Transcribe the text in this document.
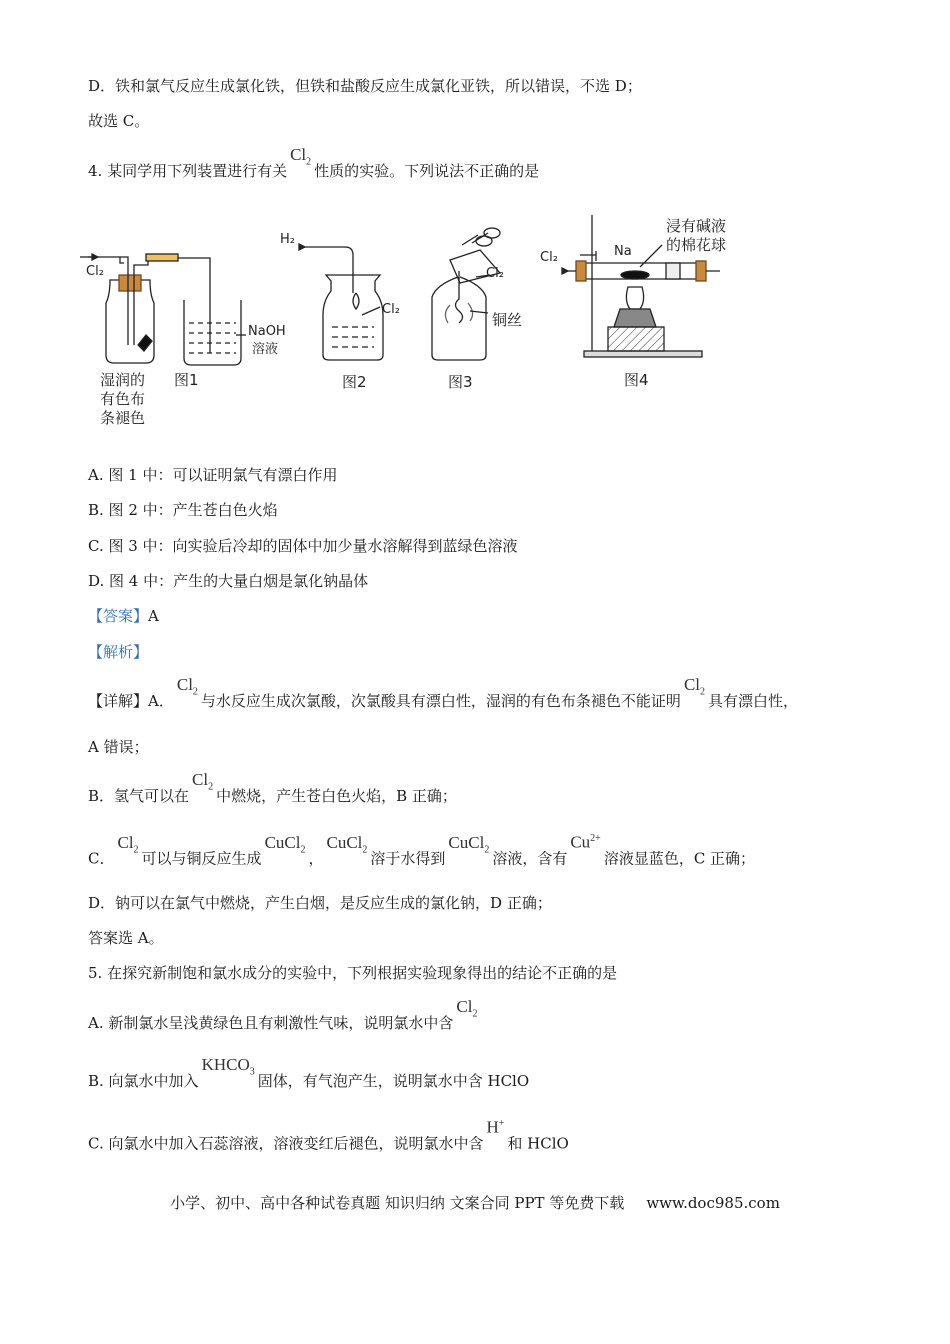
D．铁和氯气反应生成氯化铁，但铁和盐酸反应生成氯化亚铁，所以错误，不选 D；
故选 C。
4. 某同学用下列装置进行有关$Cl_2$性质的实验。下列说法不正确的是
Cl₂
NaOH
溶液
湿润的
有色布
条褪色
图1
H₂
Cl₂
图2
Cl₂
铜丝
图3
Cl₂	Na
浸有碱液
的棉花球
图4
A. 图 1 中：可以证明氯气有漂白作用
B. 图 2 中：产生苍白色火焰
C. 图 3 中：向实验后冷却的固体中加少量水溶解得到蓝绿色溶液
D. 图 4 中：产生的大量白烟是氯化钠晶体
【答案】A
【解析】
【详解】A．$Cl_2$与水反应生成次氯酸，次氯酸具有漂白性，湿润的有色布条褪色不能证明$Cl_2$具有漂白性，
A 错误；
B．氢气可以在$Cl_2$中燃烧，产生苍白色火焰，B 正确；
C．$Cl_2$可以与铜反应生成CuCl$_2$，CuCl$_2$溶于水得到CuCl$_2$溶液，含有$Cu^{2+}$溶液显蓝色，C 正确；
D．钠可以在氯气中燃烧，产生白烟，是反应生成的氯化钠，D 正确；
答案选 A。
5. 在探究新制饱和氯水成分的实验中，下列根据实验现象得出的结论不正确的是
A. 新制氯水呈浅黄绿色且有刺激性气味，说明氯水中含$Cl_2$
B. 向氯水中加入$KHCO_3$固体，有气泡产生，说明氯水中含 HClO
C. 向氯水中加入石蕊溶液，溶液变红后褪色，说明氯水中含H+和 HClO
小学、初中、高中各种试卷真题 知识归纳 文案合同 PPT 等免费下载 www.doc985.com
